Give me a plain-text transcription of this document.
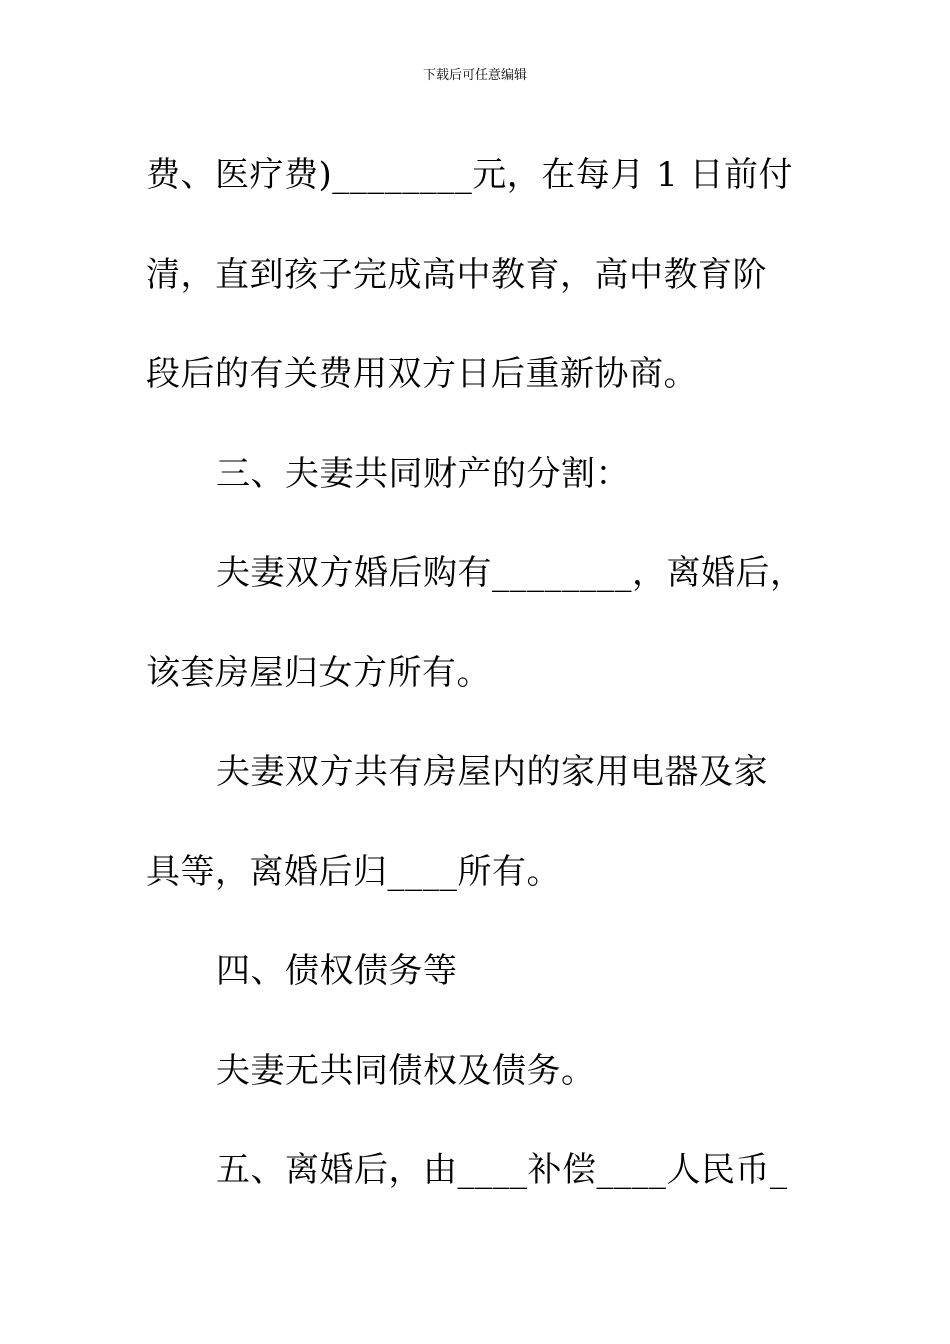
下载后可任意编辑
费、医疗费)________元，在每月 1 日前付
清，直到孩子完成高中教育，高中教育阶
段后的有关费用双方日后重新协商。
三、夫妻共同财产的分割：
夫妻双方婚后购有________，离婚后，
该套房屋归女方所有。
夫妻双方共有房屋内的家用电器及家
具等，离婚后归____所有。
四、债权债务等
夫妻无共同债权及债务。
五、离婚后，由____补偿____人民币_
